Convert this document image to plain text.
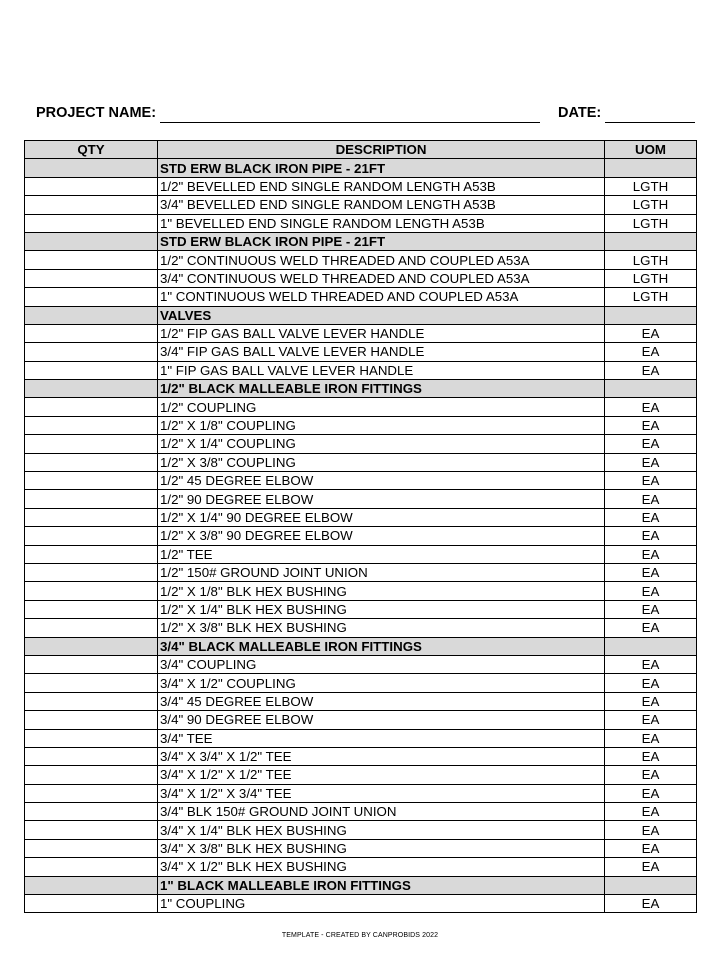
PROJECT NAME:	DATE:
QTY	DESCRIPTION	UOM
	STD ERW BLACK IRON PIPE - 21FT	
	1/2" BEVELLED END SINGLE RANDOM LENGTH A53B	LGTH
	3/4" BEVELLED END SINGLE RANDOM LENGTH A53B	LGTH
	1" BEVELLED END SINGLE RANDOM LENGTH A53B	LGTH
	STD ERW BLACK IRON PIPE - 21FT	
	1/2" CONTINUOUS WELD THREADED AND COUPLED A53A	LGTH
	3/4" CONTINUOUS WELD THREADED AND COUPLED A53A	LGTH
	1" CONTINUOUS WELD THREADED AND COUPLED A53A	LGTH
	VALVES	
	1/2" FIP GAS BALL VALVE LEVER HANDLE	EA
	3/4" FIP GAS BALL VALVE LEVER HANDLE	EA
	1" FIP GAS BALL VALVE LEVER HANDLE	EA
	1/2" BLACK MALLEABLE IRON FITTINGS	
	1/2" COUPLING	EA
	1/2" X 1/8" COUPLING	EA
	1/2" X 1/4" COUPLING	EA
	1/2" X 3/8" COUPLING	EA
	1/2" 45 DEGREE ELBOW	EA
	1/2" 90 DEGREE ELBOW	EA
	1/2" X 1/4" 90 DEGREE ELBOW	EA
	1/2" X 3/8" 90 DEGREE ELBOW	EA
	1/2" TEE	EA
	1/2" 150# GROUND JOINT UNION	EA
	1/2" X 1/8" BLK HEX BUSHING	EA
	1/2" X 1/4" BLK HEX BUSHING	EA
	1/2" X 3/8" BLK HEX BUSHING	EA
	3/4" BLACK MALLEABLE IRON FITTINGS	
	3/4" COUPLING	EA
	3/4" X 1/2" COUPLING	EA
	3/4" 45 DEGREE ELBOW	EA
	3/4" 90 DEGREE ELBOW	EA
	3/4" TEE	EA
	3/4" X 3/4" X 1/2" TEE	EA
	3/4" X 1/2" X 1/2" TEE	EA
	3/4" X 1/2" X 3/4" TEE	EA
	3/4" BLK 150# GROUND JOINT UNION	EA
	3/4" X 1/4" BLK HEX BUSHING	EA
	3/4" X 3/8" BLK HEX BUSHING	EA
	3/4" X 1/2" BLK HEX BUSHING	EA
	1" BLACK MALLEABLE IRON FITTINGS	
	1" COUPLING	EA
TEMPLATE - CREATED BY CANPROBIDS 2022
